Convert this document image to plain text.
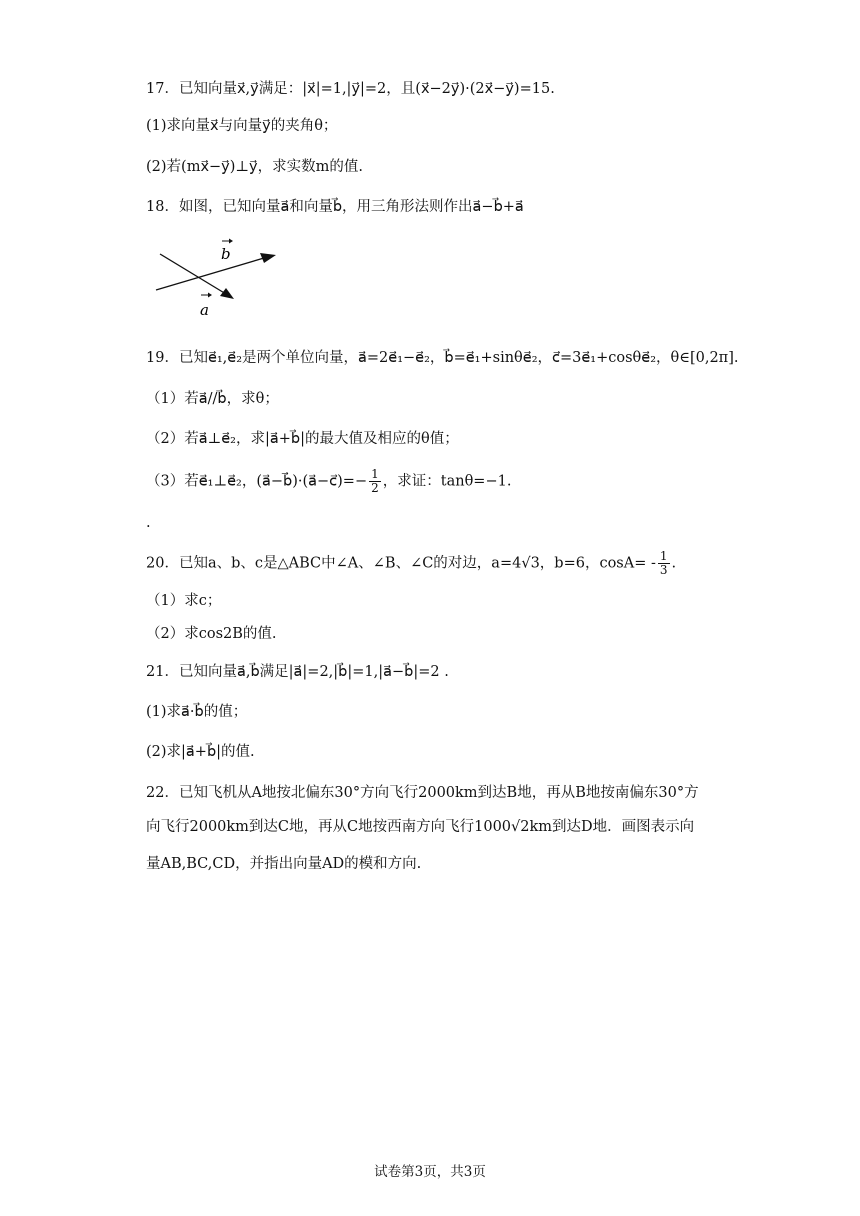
17．已知向量x⃗,y⃗满足：|x⃗|=1,|y⃗|=2，且(x⃗−2y⃗)·(2x⃗−y⃗)=15.
(1)求向量x⃗与向量y⃗的夹角θ；
(2)若(mx⃗−y⃗)⊥y⃗，求实数m的值.
18．如图，已知向量a⃗和向量b⃗，用三角形法则作出a⃗−b⃗+a⃗
b
a
19．已知e⃗₁,e⃗₂是两个单位向量，a⃗=2e⃗₁−e⃗₂，b⃗=e⃗₁+sinθe⃗₂，c⃗=3e⃗₁+cosθe⃗₂，θ∈[0,2π].
（1）若a⃗//b⃗，求θ；
（2）若a⃗⊥e⃗₂，求|a⃗+b⃗|的最大值及相应的θ值；
（3）若e⃗₁⊥e⃗₂，(a⃗−b⃗)·(a⃗−c⃗)=− $\frac{1}{2}$ ，求证：tanθ=−1.
.
20．已知a、b、c是△ABC中∠A、∠B、∠C的对边，a=4√3，b=6，$\cos A= - \frac{1}{3}$ .
（1）求c；
（2）求cos2B的值.
21．已知向量a⃗,b⃗满足|a⃗|=2,|b⃗|=1,|a⃗−b⃗|=2 .
(1)求a⃗·b⃗的值；
(2)求|a⃗+b⃗|的值.
22．已知飞机从A地按北偏东30°方向飞行2000km到达B地，再从B地按南偏东30°方
向飞行2000km到达C地，再从C地按西南方向飞行1000√2km到达D地．画图表示向
量AB,BC,CD，并指出向量AD的模和方向.
试卷第3页，共3页
